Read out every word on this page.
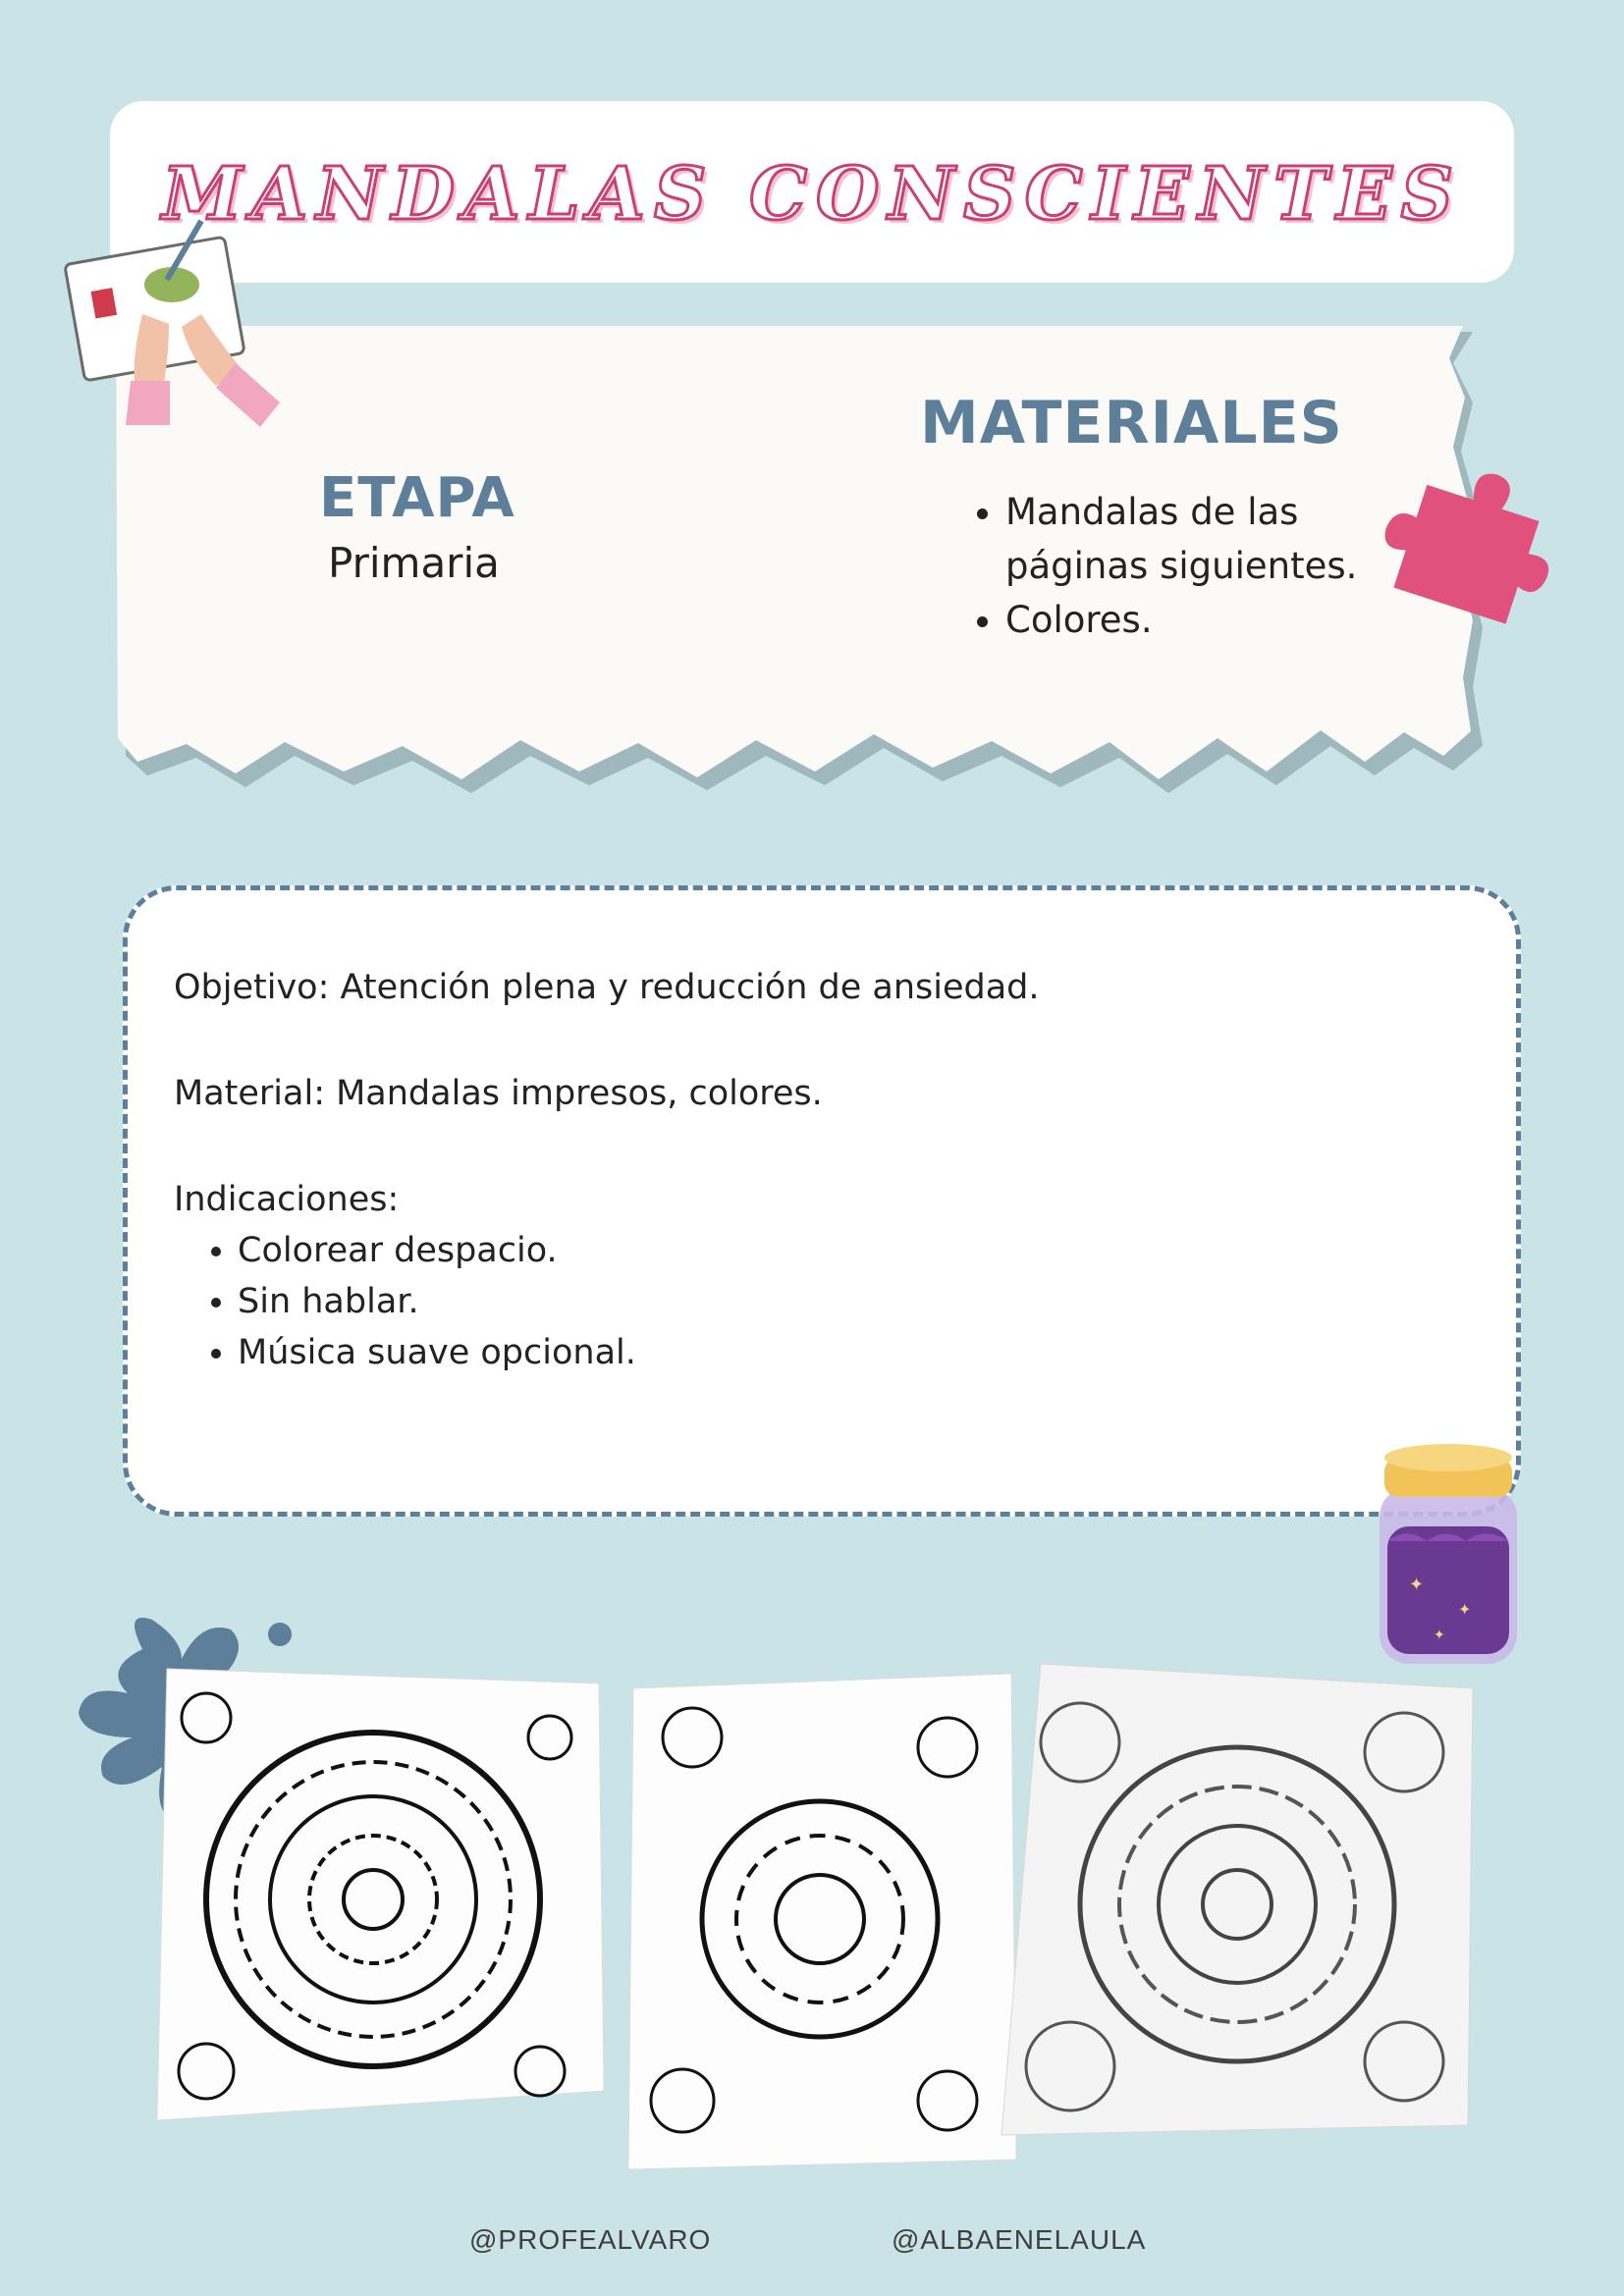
MANDALAS CONSCIENTES
ETAPA
Primaria
MATERIALES
• Mandalas de las páginas siguientes.
• Colores.

Objetivo: Atención plena y reducción de ansiedad.

Material: Mandalas impresos, colores.

Indicaciones:

• Colorear despacio.
• Sin hablar.
• Música suave opcional.
✦
✦
✦
@PROFEALVARO	@ALBAENELAULA
